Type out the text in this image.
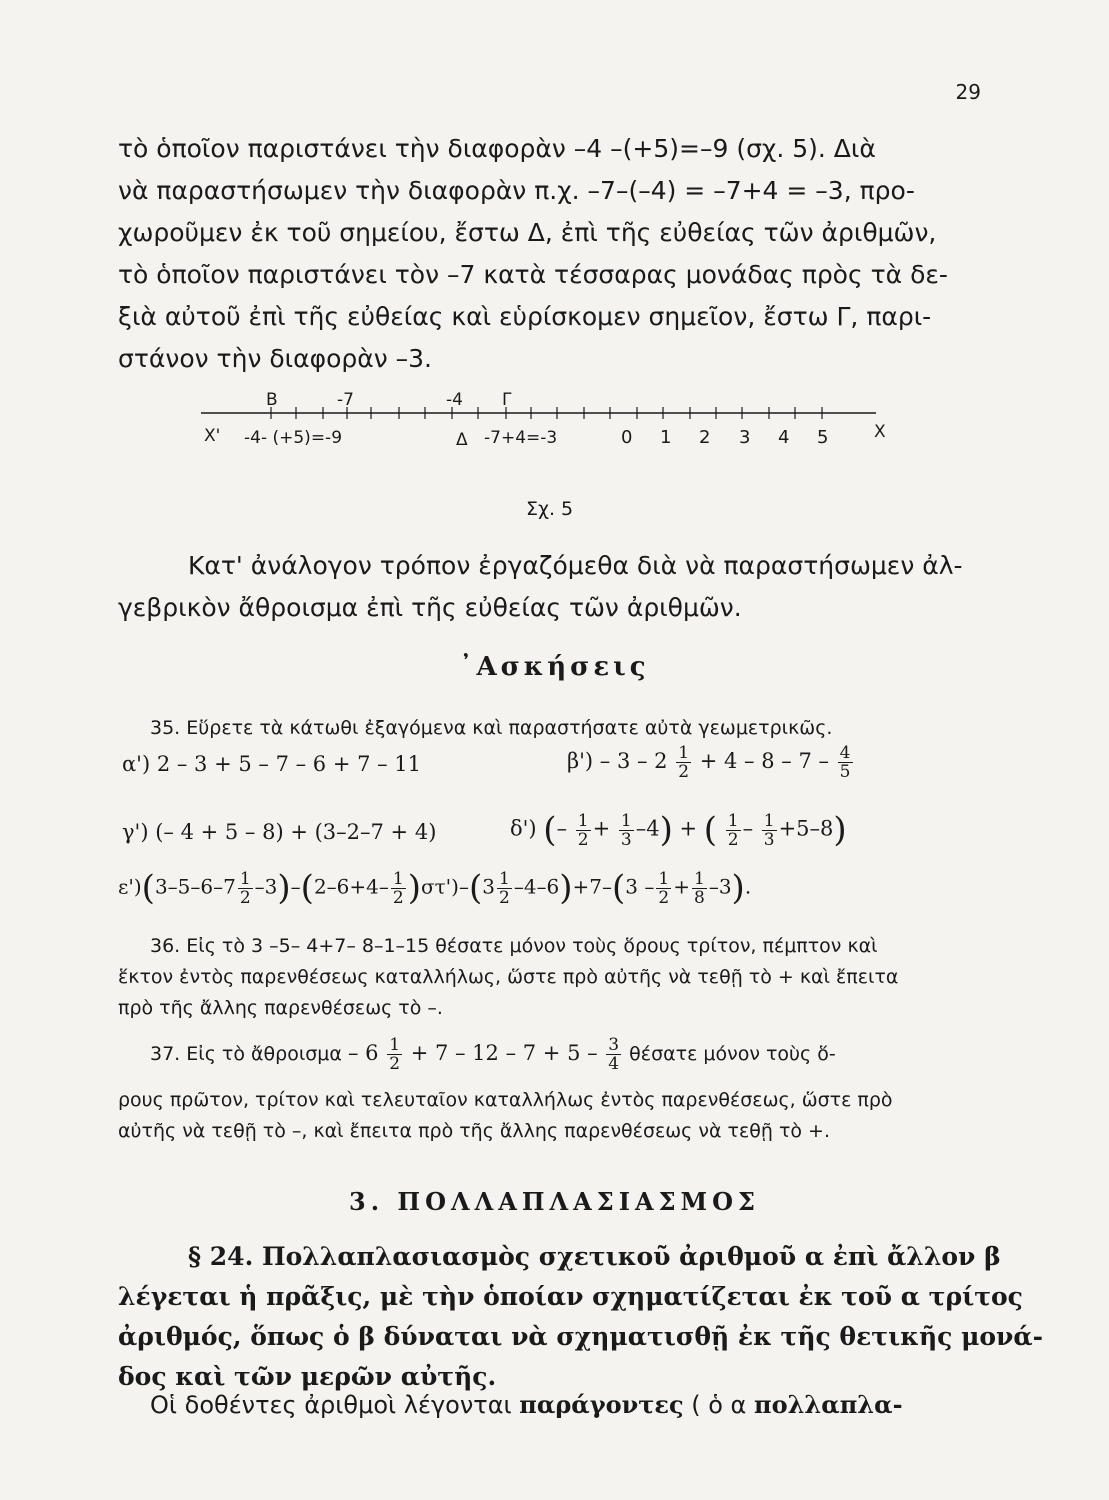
29
τὸ ὁποῖον παριστάνει τὴν διαφορὰν –4 –(+5)=–9 (σχ. 5). Διὰ
νὰ παραστήσωμεν τὴν διαφορὰν π.χ. –7–(–4) = –7+4 = –3, προ-
χωροῦμεν ἐκ τοῦ σημείου, ἔστω Δ, ἐπὶ τῆς εὐθείας τῶν ἀριθμῶν,
τὸ ὁποῖον παριστάνει τὸν –7 κατὰ τέσσαρας μονάδας πρὸς τὰ δε-
ξιὰ αὐτοῦ ἐπὶ τῆς εὐθείας καὶ εὑρίσκομεν σημεῖον, ἔστω Γ, παρι-
στάνον τὴν διαφορὰν –3.
Β	-7	-4 Γ
X' -4- (+5)=-9	Δ -7+4=-3	0 1 2 3 4 5	X
Σχ. 5
Κατ' ἀνάλογον τρόπον ἐργαζόμεθα διὰ νὰ παραστήσωμεν ἀλ-
γεβρικὸν ἄθροισμα ἐπὶ τῆς εὐθείας τῶν ἀριθμῶν.
᾿Ασκήσεις
35. Εὕρετε τὰ κάτωθι ἐξαγόμενα καὶ παραστήσατε αὐτὰ γεωμετρικῶς.
α') 2 – 3 + 5 – 7 – 6 + 7 – 11	$\beta') - 3 - 2 \frac{1}{2} + 4 - 8 - 7 - \frac{4}{5}$
γ') (– 4 + 5 – 8) + (3–2–7 + 4)	δ') (– $\frac{1}{2} + \frac{1}{3} -4$) + ( $\frac{1}{2} - \frac{1}{3} +5-8$)
$\varepsilon')(3-5-6-7 \frac{1}{2} -3)-(2-6+4- \frac{1}{2} )\sigma\tau')-(3 \frac{1}{2} -4-6)+7-(3 - \frac{1}{2} + \frac{1}{8} -3)$.
36. Εἰς τὸ 3 –5– 4+7– 8–1–15 θέσατε μόνον τοὺς ὅρους τρίτον, πέμπτον καὶ
ἕκτον ἐντὸς παρενθέσεως καταλλήλως, ὥστε πρὸ αὐτῆς νὰ τεθῇ τὸ + καὶ ἔπειτα
πρὸ τῆς ἄλλης παρενθέσεως τὸ –.
37. Εἰς τὸ ἄθροισμα – $6 \frac{1}{2} + 7 - 12 - 7 + 5 - \frac{3}{4}$ θέσατε μόνον τοὺς ὅ-
ρους πρῶτον, τρίτον καὶ τελευταῖον καταλλήλως ἐντὸς παρενθέσεως, ὥστε πρὸ
αὐτῆς νὰ τεθῇ τὸ –, καὶ ἔπειτα πρὸ τῆς ἄλλης παρενθέσεως νὰ τεθῇ τὸ +.
3. ΠΟΛΛΑΠΛΑΣΙΑΣΜΟΣ
§ 24. Πολλαπλασιασμὸς σχετικοῦ ἀριθμοῦ α ἐπὶ ἄλλον β
λέγεται ἡ πρᾶξις, μὲ τὴν ὁποίαν σχηματίζεται ἐκ τοῦ α τρίτος
ἀριθμός, ὅπως ὁ β δύναται νὰ σχηματισθῇ ἐκ τῆς θετικῆς μονά-
δος καὶ τῶν μερῶν αὐτῆς.
Οἱ δοθέντες ἀριθμοὶ λέγονται παράγοντες ( ὁ α πολλαπλα-
